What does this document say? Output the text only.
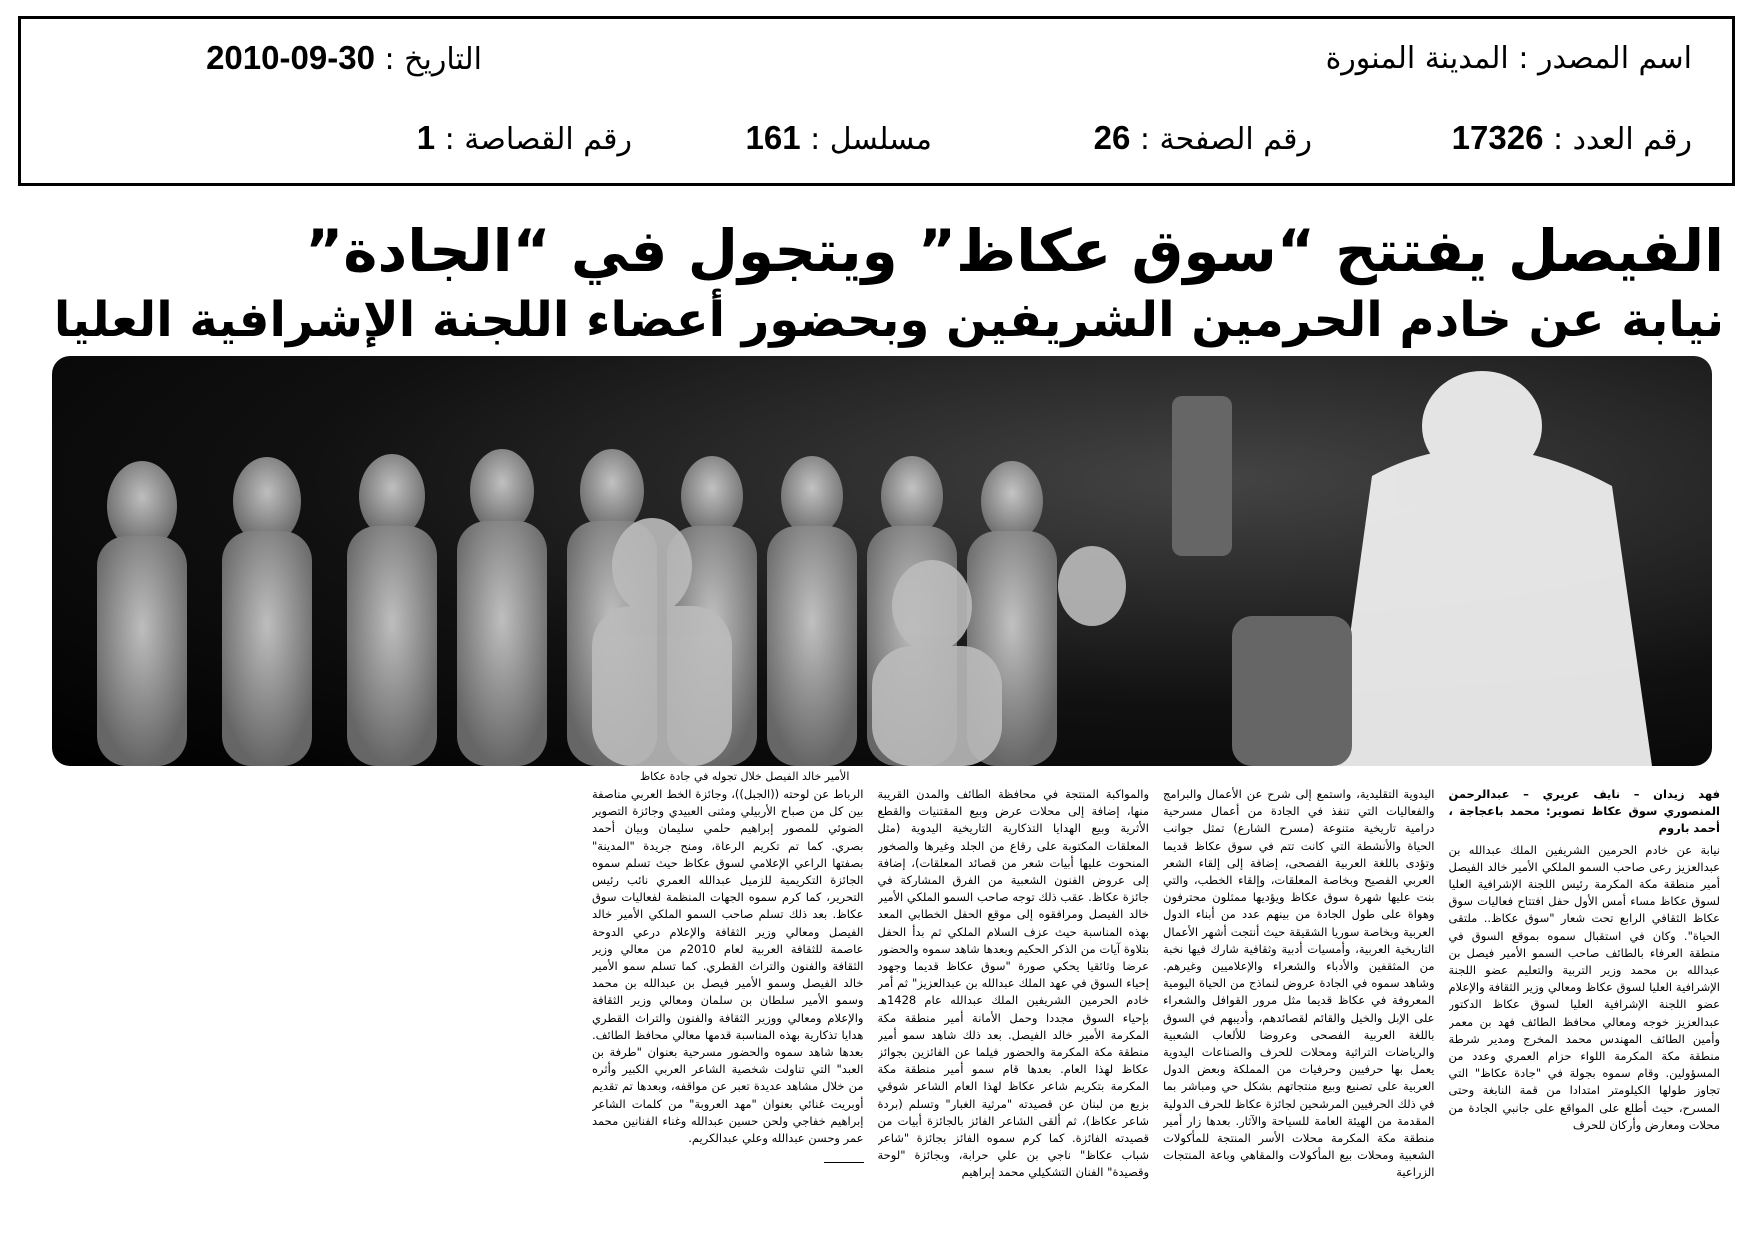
اسم المصدر : المدينة المنورة
التاريخ : 30-09-2010
رقم العدد : 17326
رقم الصفحة : 26
مسلسل : 161
رقم القصاصة : 1
الفيصل يفتتح “سوق عكاظ” ويتجول في “الجادة”
نيابة عن خادم الحرمين الشريفين وبحضور أعضاء اللجنة الإشرافية العليا
الأمير خالد الفيصل خلال تجوله في جادة عكاظ

فهد زيدان – نايف عريري – عبدالرحمن المنصوري سوق عكاظ تصوير: محمد باعجاجة ، أحمد باروم

نيابة عن خادم الحرمين الشريفين الملك عبدالله بن عبدالعزيز رعى صاحب السمو الملكي الأمير خالد الفيصل أمير منطقة مكة المكرمة رئيس اللجنة الإشرافية العليا لسوق عكاظ مساء أمس الأول حفل افتتاح فعاليات سوق عكاظ الثقافي الرابع تحت شعار "سوق عكاظ.. ملتقى الحياة". وكان في استقبال سموه بموقع السوق في منطقة العرفاء بالطائف صاحب السمو الأمير فيصل بن عبدالله بن محمد وزير التربية والتعليم عضو اللجنة الإشرافية العليا لسوق عكاظ ومعالي وزير الثقافة والإعلام عضو اللجنة الإشرافية العليا لسوق عكاظ الدكتور عبدالعزيز خوجه ومعالي محافظ الطائف فهد بن معمر وأمين الطائف المهندس محمد المخرج ومدير شرطة منطقة مكة المكرمة اللواء حزام العمري وعدد من المسؤولين. وقام سموه بجولة في "جادة عكاظ" التي تجاوز طولها الكيلومتر امتدادا من قمة النابغة وحتى المسرح، حيث أطلع على المواقع على جانبي الجادة من محلات ومعارض وأركان للحرف

اليدوية التقليدية، واستمع إلى شرح عن الأعمال والبرامج والفعاليات التي تنفذ في الجادة من أعمال مسرحية درامية تاريخية متنوعة (مسرح الشارع) تمثل جوانب الحياة والأنشطة التي كانت تتم في سوق عكاظ قديما وتؤدى باللغة العربية الفصحى، إضافة إلى إلقاء الشعر العربي الفصيح وبخاصة المعلقات، وإلقاء الخطب، والتي بنت عليها شهرة سوق عكاظ ويؤديها ممثلون محترفون وهواة على طول الجادة من بينهم عدد من أبناء الدول العربية وبخاصة سوريا الشقيقة حيث أنتجت أشهر الأعمال التاريخية العربية، وأمسيات أدبية وثقافية شارك فيها نخبة من المثقفين والأدباء والشعراء والإعلاميين وغيرهم. وشاهد سموه في الجادة عروض لنماذج من الحياة اليومية المعروفة في عكاظ قديما مثل مرور القوافل والشعراء على الإبل والخيل والقائم لقصائدهم، وأديبهم في السوق باللغة العربية الفصحى وعروضا للألعاب الشعبية والرياضات التراثية ومحلات للحرف والصناعات اليدوية يعمل بها حرفيين وحرفيات من المملكة وبعض الدول العربية على تصنيع وبيع منتجاتهم بشكل حي ومباشر بما في ذلك الحرفيين المرشحين لجائزة عكاظ للحرف الدولية المقدمة من الهيئة العامة للسياحة والآثار. بعدها زار أمير منطقة مكة المكرمة محلات الأسر المنتجة للمأكولات الشعبية ومحلات بيع المأكولات والمقاهي وباعة المنتجات الزراعية

والمواكبة المنتجة في محافظة الطائف والمدن القريبة منها، إضافة إلى محلات عرض وبيع المقتنيات والقطع الأثرية وبيع الهدايا التذكارية التاريخية اليدوية (مثل المعلقات المكتوبة على رقاع من الجلد وغيرها والصخور المنحوت عليها أبيات شعر من قصائد المعلقات)، إضافة إلى عروض الفنون الشعبية من الفرق المشاركة في جائزة عكاظ. عقب ذلك توجه صاحب السمو الملكي الأمير خالد الفيصل ومرافقوه إلى موقع الحفل الخطابي المعد بهذه المناسبة حيث عزف السلام الملكي ثم بدأ الحفل بتلاوة آيات من الذكر الحكيم وبعدها شاهد سموه والحضور عرضا وثائقيا يحكي صورة "سوق عكاظ قديما وجهود إحياء السوق في عهد الملك عبدالله بن عبدالعزيز" ثم أمر خادم الحرمين الشريفين الملك عبدالله عام 1428هـ بإحياء السوق مجددا وحمل الأمانة أمير منطقة مكة المكرمة الأمير خالد الفيصل. بعد ذلك شاهد سمو أمير منطقة مكة المكرمة والحضور فيلما عن الفائزين بجوائز عكاظ لهذا العام. بعدها قام سمو أمير منطقة مكة المكرمة بتكريم شاعر عكاظ لهذا العام الشاعر شوقي بزيع من لبنان عن قصيدته "مرثية الغبار" وتسلم (بردة شاعر عكاظ)، ثم ألقى الشاعر الفائز بالجائزة أبيات من قصيدته الفائزة. كما كرم سموه الفائز بجائزة "شاعر شباب عكاظ" ناجي بن علي حرابة، وبجائزة "لوحة وقصيدة" الفنان التشكيلي محمد إبراهيم

الرباط عن لوحته ((الجبل))، وجائزة الخط العربي مناصفة بين كل من صباح الأربيلي ومثنى العبيدي وجائزة التصوير الضوئي للمصور إبراهيم حلمي سليمان وبيان أحمد بصري. كما تم تكريم الرعاة، ومنح جريدة "المدينة" بصفتها الراعي الإعلامي لسوق عكاظ حيث تسلم سموه الجائزة التكريمية للزميل عبدالله العمري نائب رئيس التحرير، كما كرم سموه الجهات المنظمة لفعاليات سوق عكاظ. بعد ذلك تسلم صاحب السمو الملكي الأمير خالد الفيصل ومعالي وزير الثقافة والإعلام درعي الدوحة عاصمة للثقافة العربية لعام 2010م من معالي وزير الثقافة والفنون والتراث القطري. كما تسلم سمو الأمير خالد الفيصل وسمو الأمير فيصل بن عبدالله بن محمد وسمو الأمير سلطان بن سلمان ومعالي وزير الثقافة والإعلام ومعالي ووزير الثقافة والفنون والتراث القطري هدايا تذكارية بهذه المناسبة قدمها معالي محافظ الطائف. بعدها شاهد سموه والحضور مسرحية بعنوان "طرفة بن العبد" التي تناولت شخصية الشاعر العربي الكبير وأثره من خلال مشاهد عديدة تعبر عن مواقفه، وبعدها تم تقديم أوبريت غنائي بعنوان "مهد العروبة" من كلمات الشاعر إبراهيم خفاجي ولحن حسين عبدالله وغناء الفنانين محمد عمر وحسن عبدالله وعلي عبدالكريم.
